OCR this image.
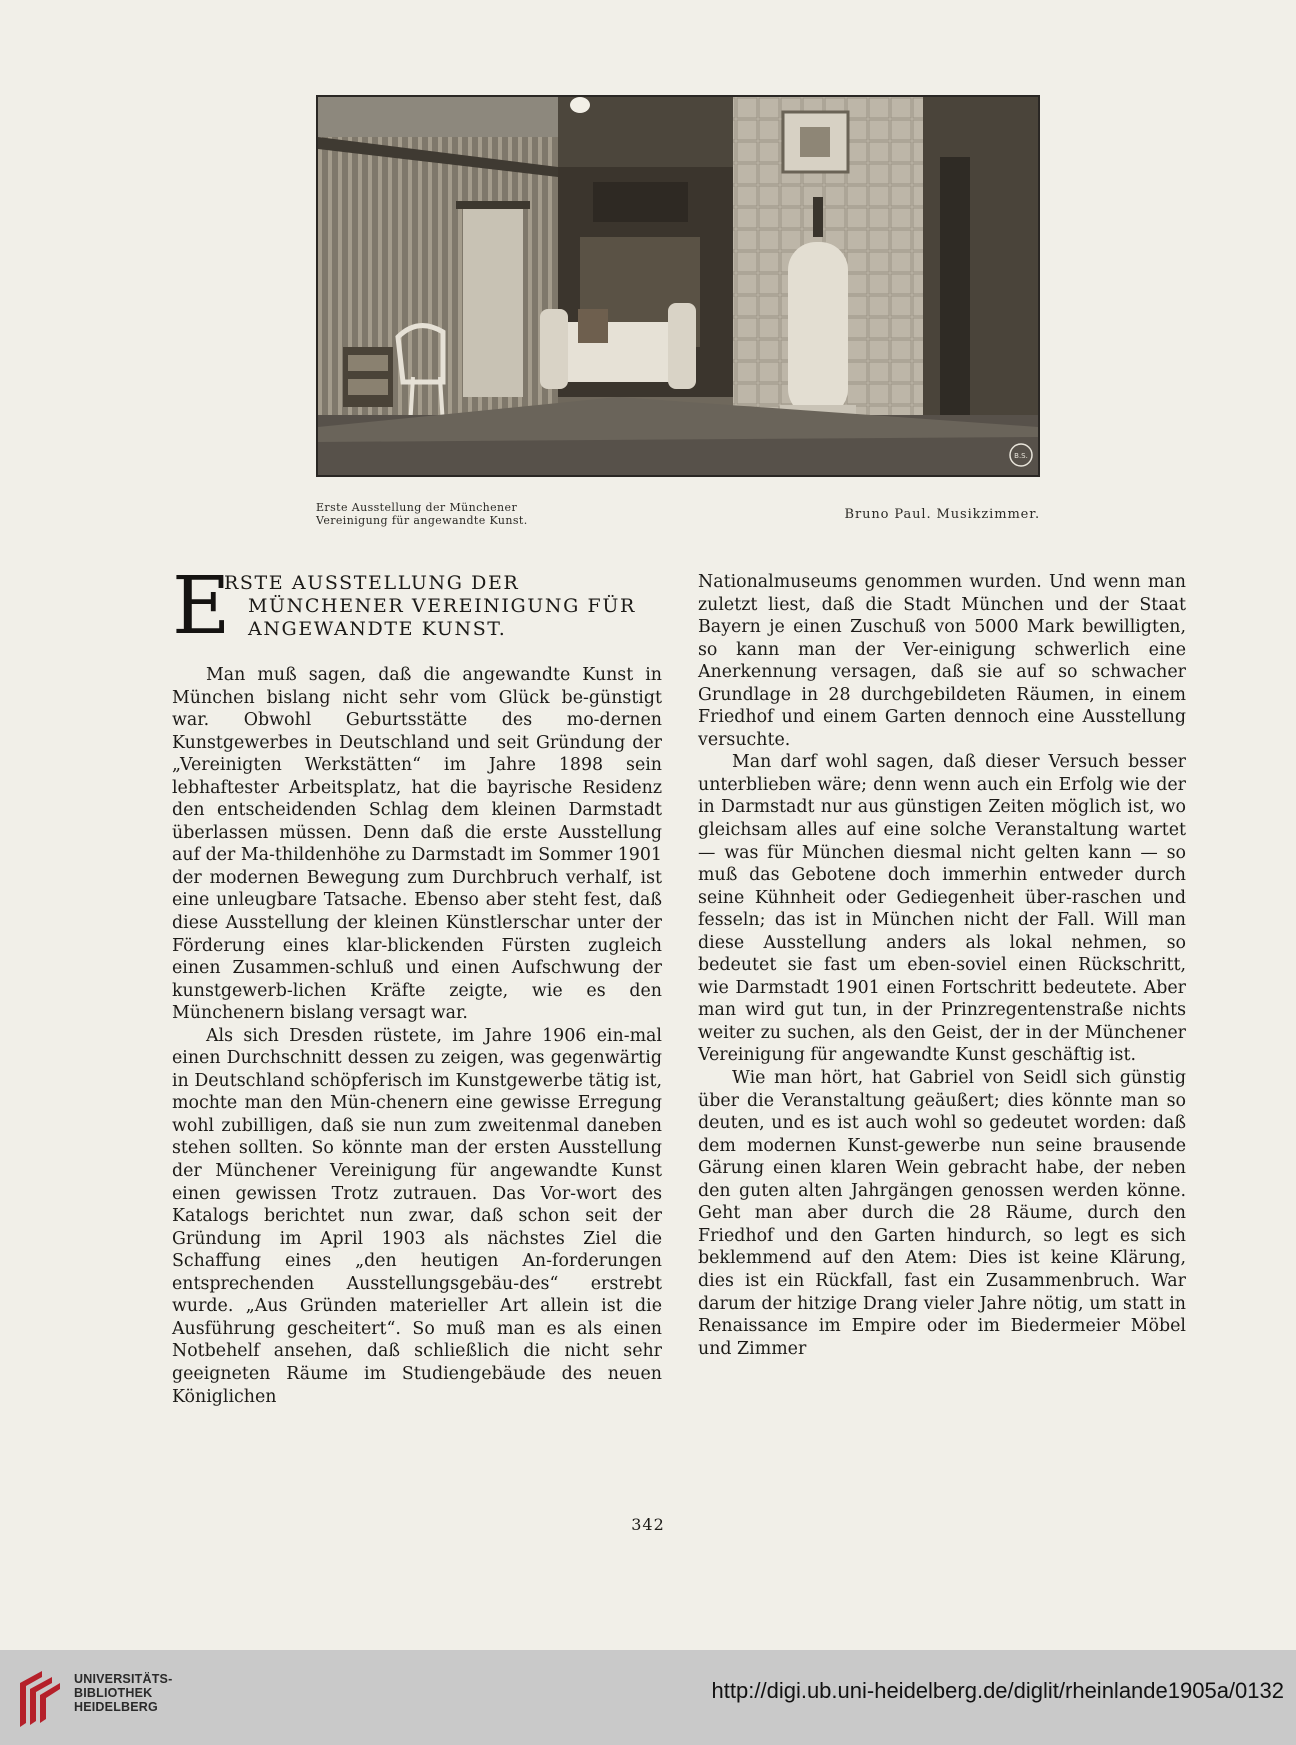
B.S.
Erste Ausstellung der Münchener
Vereinigung für angewandte Kunst.	Bruno Paul. Musikzimmer.
E
RSTE AUSSTELLUNG DER
MÜNCHENER VEREINIGUNG FÜR
ANGEWANDTE KUNST.

Man muß sagen, daß die angewandte Kunst in München bislang nicht sehr vom Glück be-günstigt war. Obwohl Geburtsstätte des mo-dernen Kunstgewerbes in Deutschland und seit Gründung der „Vereinigten Werkstätten“ im Jahre 1898 sein lebhaftester Arbeitsplatz, hat die bayrische Residenz den entscheidenden Schlag dem kleinen Darmstadt überlassen müssen. Denn daß die erste Ausstellung auf der Ma-thildenhöhe zu Darmstadt im Sommer 1901 der modernen Bewegung zum Durchbruch verhalf, ist eine unleugbare Tatsache. Ebenso aber steht fest, daß diese Ausstellung der kleinen Künstlerschar unter der Förderung eines klar-blickenden Fürsten zugleich einen Zusammen-schluß und einen Aufschwung der kunstgewerb-lichen Kräfte zeigte, wie es den Münchenern bislang versagt war.

Als sich Dresden rüstete, im Jahre 1906 ein-mal einen Durchschnitt dessen zu zeigen, was gegenwärtig in Deutschland schöpferisch im Kunstgewerbe tätig ist, mochte man den Mün-chenern eine gewisse Erregung wohl zubilligen, daß sie nun zum zweitenmal daneben stehen sollten. So könnte man der ersten Ausstellung der Münchener Vereinigung für angewandte Kunst einen gewissen Trotz zutrauen. Das Vor-wort des Katalogs berichtet nun zwar, daß schon seit der Gründung im April 1903 als nächstes Ziel die Schaffung eines „den heutigen An-forderungen entsprechenden Ausstellungsgebäu-des“ erstrebt wurde. „Aus Gründen materieller Art allein ist die Ausführung gescheitert“. So muß man es als einen Notbehelf ansehen, daß schließlich die nicht sehr geeigneten Räume im Studiengebäude des neuen Königlichen

Nationalmuseums genommen wurden. Und wenn man zuletzt liest, daß die Stadt München und der Staat Bayern je einen Zuschuß von 5000 Mark bewilligten, so kann man der Ver-einigung schwerlich eine Anerkennung versagen, daß sie auf so schwacher Grundlage in 28 durchgebildeten Räumen, in einem Friedhof und einem Garten dennoch eine Ausstellung versuchte.

Man darf wohl sagen, daß dieser Versuch besser unterblieben wäre; denn wenn auch ein Erfolg wie der in Darmstadt nur aus günstigen Zeiten möglich ist, wo gleichsam alles auf eine solche Veranstaltung wartet — was für München diesmal nicht gelten kann — so muß das Gebotene doch immerhin entweder durch seine Kühnheit oder Gediegenheit über-raschen und fesseln; das ist in München nicht der Fall. Will man diese Ausstellung anders als lokal nehmen, so bedeutet sie fast um eben-soviel einen Rückschritt, wie Darmstadt 1901 einen Fortschritt bedeutete. Aber man wird gut tun, in der Prinzregentenstraße nichts weiter zu suchen, als den Geist, der in der Münchener Vereinigung für angewandte Kunst geschäftig ist.

Wie man hört, hat Gabriel von Seidl sich günstig über die Veranstaltung geäußert; dies könnte man so deuten, und es ist auch wohl so gedeutet worden: daß dem modernen Kunst-gewerbe nun seine brausende Gärung einen klaren Wein gebracht habe, der neben den guten alten Jahrgängen genossen werden könne. Geht man aber durch die 28 Räume, durch den Friedhof und den Garten hindurch, so legt es sich beklemmend auf den Atem: Dies ist keine Klärung, dies ist ein Rückfall, fast ein Zusammenbruch. War darum der hitzige Drang vieler Jahre nötig, um statt in Renaissance im Empire oder im Biedermeier Möbel und Zimmer

342
UNIVERSITÄTS-
BIBLIOTHEK
HEIDELBERG
http://digi.ub.uni-heidelberg.de/diglit/rheinlande1905a/0132
